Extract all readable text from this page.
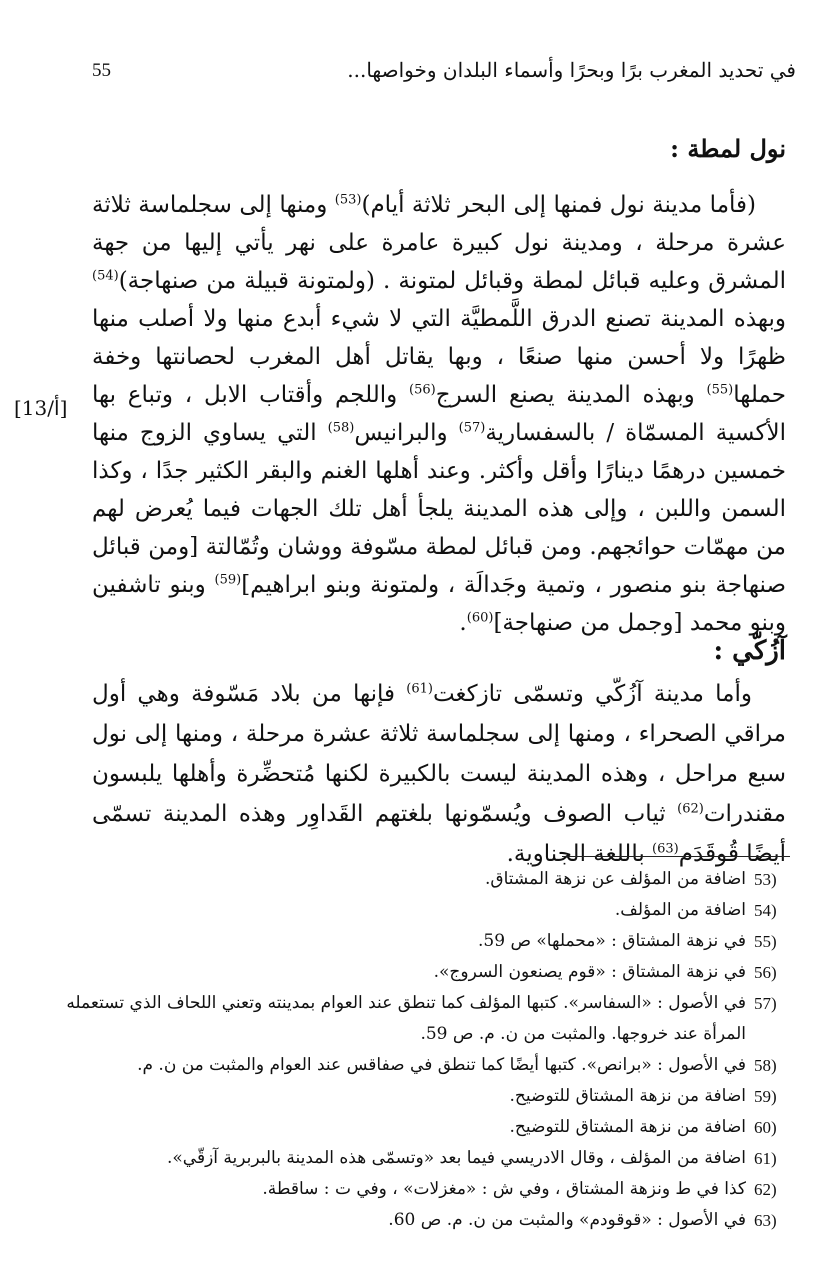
في تحديد المغرب برًا وبحرًا وأسماء البلدان وخواصها...
55
نول لمطة :

(فأما مدينة نول فمنها إلى البحر ثلاثة أيام)$^{(53)}$ ومنها إلى سجلماسة ثلاثة عشرة مرحلة ، ومدينة نول كبيرة عامرة على نهر يأتي إليها من جهة المشرق وعليه قبائل لمطة وقبائل لمتونة . (ولمتونة قبيلة من صنهاجة)$^{(54)}$ وبهذه المدينة تصنع الدرق اللَّمطيَّة التي لا شيء أبدع منها ولا أصلب منها ظهرًا ولا أحسن منها صنعًا ، وبها يقاتل أهل المغرب لحصانتها وخفة حملها$^{(55)}$ وبهذه المدينة يصنع السرج$^{(56)}$ واللجم وأقتاب الابل ، وتباع بها الأكسية المسمّاة / بالسفسارية$^{(57)}$ والبرانيس$^{(58)}$ التي يساوي الزوج منها خمسين درهمًا دينارًا وأقل وأكثر. وعند أهلها الغنم والبقر الكثير جدًا ، وكذا السمن واللبن ، وإلى هذه المدينة يلجأ أهل تلك الجهات فيما يُعرض لهم من مهمّات حوائجهم. ومن قبائل لمطة مسّوفة ووشان وتُمّالتة [ومن قبائل صنهاجة بنو منصور ، وتمية وجَدالَة ، ولمتونة وبنو ابراهيم]$^{(59)}$ وبنو تاشفين وبنو محمد [وجمل من صنهاجة]$^{(60)}$.

[13/أ]
آزُكّي :

وأما مدينة آزُكّي وتسمّى تازكغت$^{(61)}$ فإنها من بلاد مَسّوفة وهي أول مراقي الصحراء ، ومنها إلى سجلماسة ثلاثة عشرة مرحلة ، ومنها إلى نول سبع مراحل ، وهذه المدينة ليست بالكبيرة لكنها مُتحضِّرة وأهلها يلبسون مقندرات$^{(62)}$ ثياب الصوف ويُسمّونها بلغتهم القَداوِر وهذه المدينة تسمّى أيضًا قُوقَدَم$^{(63)}$ باللغة الجناوية.

53)
اضافة من المؤلف عن نزهة المشتاق.
54)
اضافة من المؤلف.
55)
في نزهة المشتاق : «محملها» ص 59.
56)
في نزهة المشتاق : «قوم يصنعون السروج».
57)
في الأصول : «السفاسر». كتبها المؤلف كما تنطق عند العوام بمدينته وتعني اللحاف الذي تستعمله المرأة عند خروجها. والمثبت من ن. م. ص 59.
58)
في الأصول : «برانص». كتبها أيضًا كما تنطق في صفاقس عند العوام والمثبت من ن. م.
59)
اضافة من نزهة المشتاق للتوضيح.
60)
اضافة من نزهة المشتاق للتوضيح.
61)
اضافة من المؤلف ، وقال الادريسي فيما بعد «وتسمّى هذه المدينة بالبربرية آزقّي».
62)
كذا في ط ونزهة المشتاق ، وفي ش : «مغزلات» ، وفي ت : ساقطة.
63)
في الأصول : «قوقودم» والمثبت من ن. م. ص 60.
